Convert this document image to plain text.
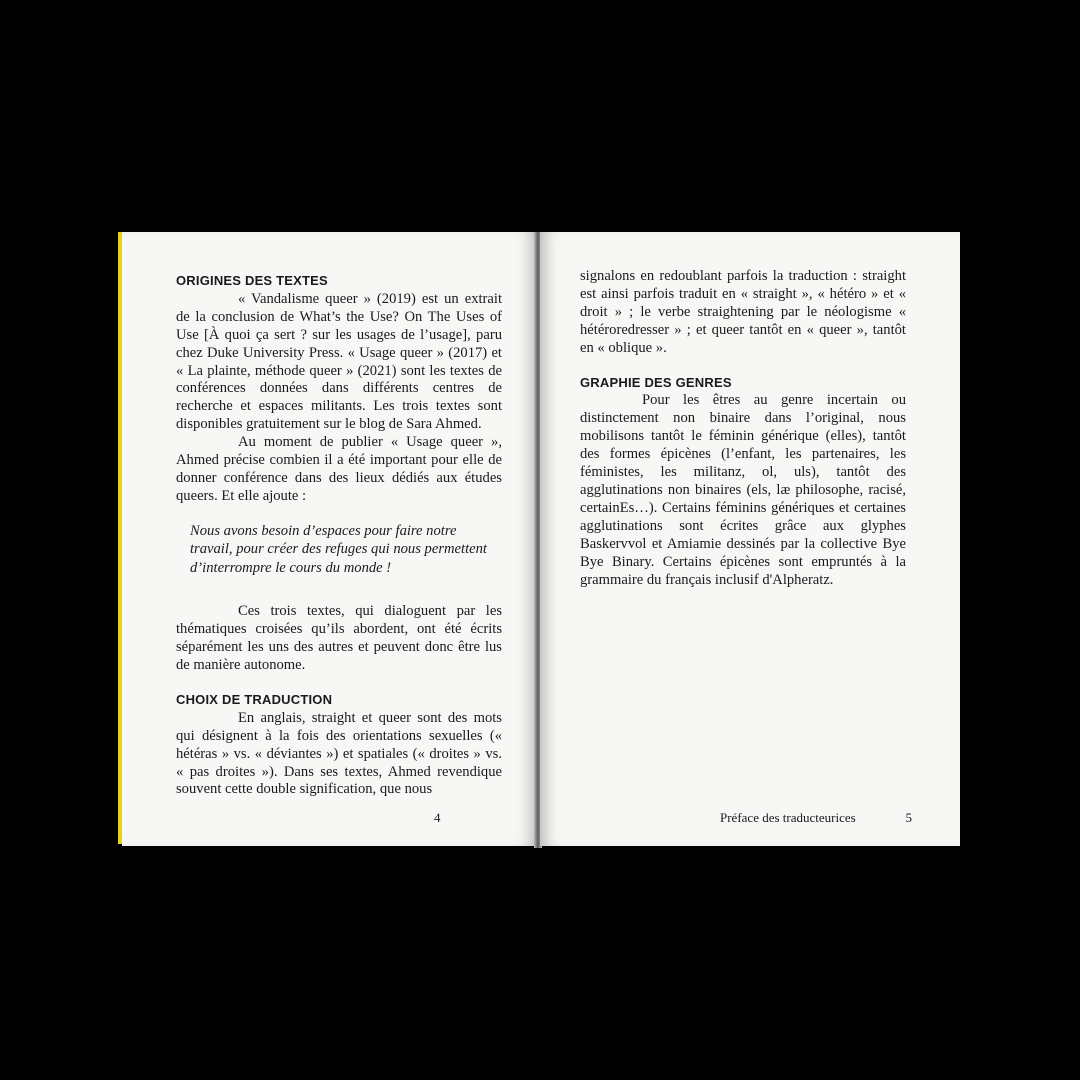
ORIGINES DES TEXTES

« Vandalisme queer » (2019) est un extrait de la conclusion de What’s the Use? On The Uses of Use [À quoi ça sert ? sur les usages de l’usage], paru chez Duke University Press. « Usage queer » (2017) et « La plainte, méthode queer » (2021) sont les textes de conférences données dans différents centres de recherche et espaces militants. Les trois textes sont disponibles gratuitement sur le blog de Sara Ahmed.

Au moment de publier « Usage queer », Ahmed précise combien il a été important pour elle de donner conférence dans des lieux dédiés aux études queers. Et elle ajoute :

Nous avons besoin d’espaces pour faire notre travail, pour créer des refuges qui nous permettent d’interrompre le cours du monde !

Ces trois textes, qui dialoguent par les thématiques croisées qu’ils abordent, ont été écrits séparément les uns des autres et peuvent donc être lus de manière autonome.

CHOIX DE TRADUCTION

En anglais, straight et queer sont des mots qui désignent à la fois des orientations sexuelles (« hétéras » vs. « déviantes ») et spatiales (« droites » vs. « pas droites »). Dans ses textes, Ahmed revendique souvent cette double signification, que nous

4

signalons en redoublant parfois la traduction : straight est ainsi parfois traduit en « straight », « hétéro » et « droit » ; le verbe straightening par le néologisme « hétéroredresser » ; et queer tantôt en « queer », tantôt en « oblique ».

GRAPHIE DES GENRES

Pour les êtres au genre incertain ou distinctement non binaire dans l’original, nous mobilisons tantôt le féminin générique (elles), tantôt des formes épicènes (l’enfant, les partenaires, les féministes, les militanz, ol, uls), tantôt des agglutinations non binaires (els, læ philosophe, racisé, certainEs…). Certains féminins génériques et certaines agglutinations sont écrites grâce aux glyphes Baskervvol et Amiamie dessinés par la collective Bye Bye Binary. Certains épicènes sont empruntés à la grammaire du français inclusif d'Alpheratz.

Préface des traducteurices	5
